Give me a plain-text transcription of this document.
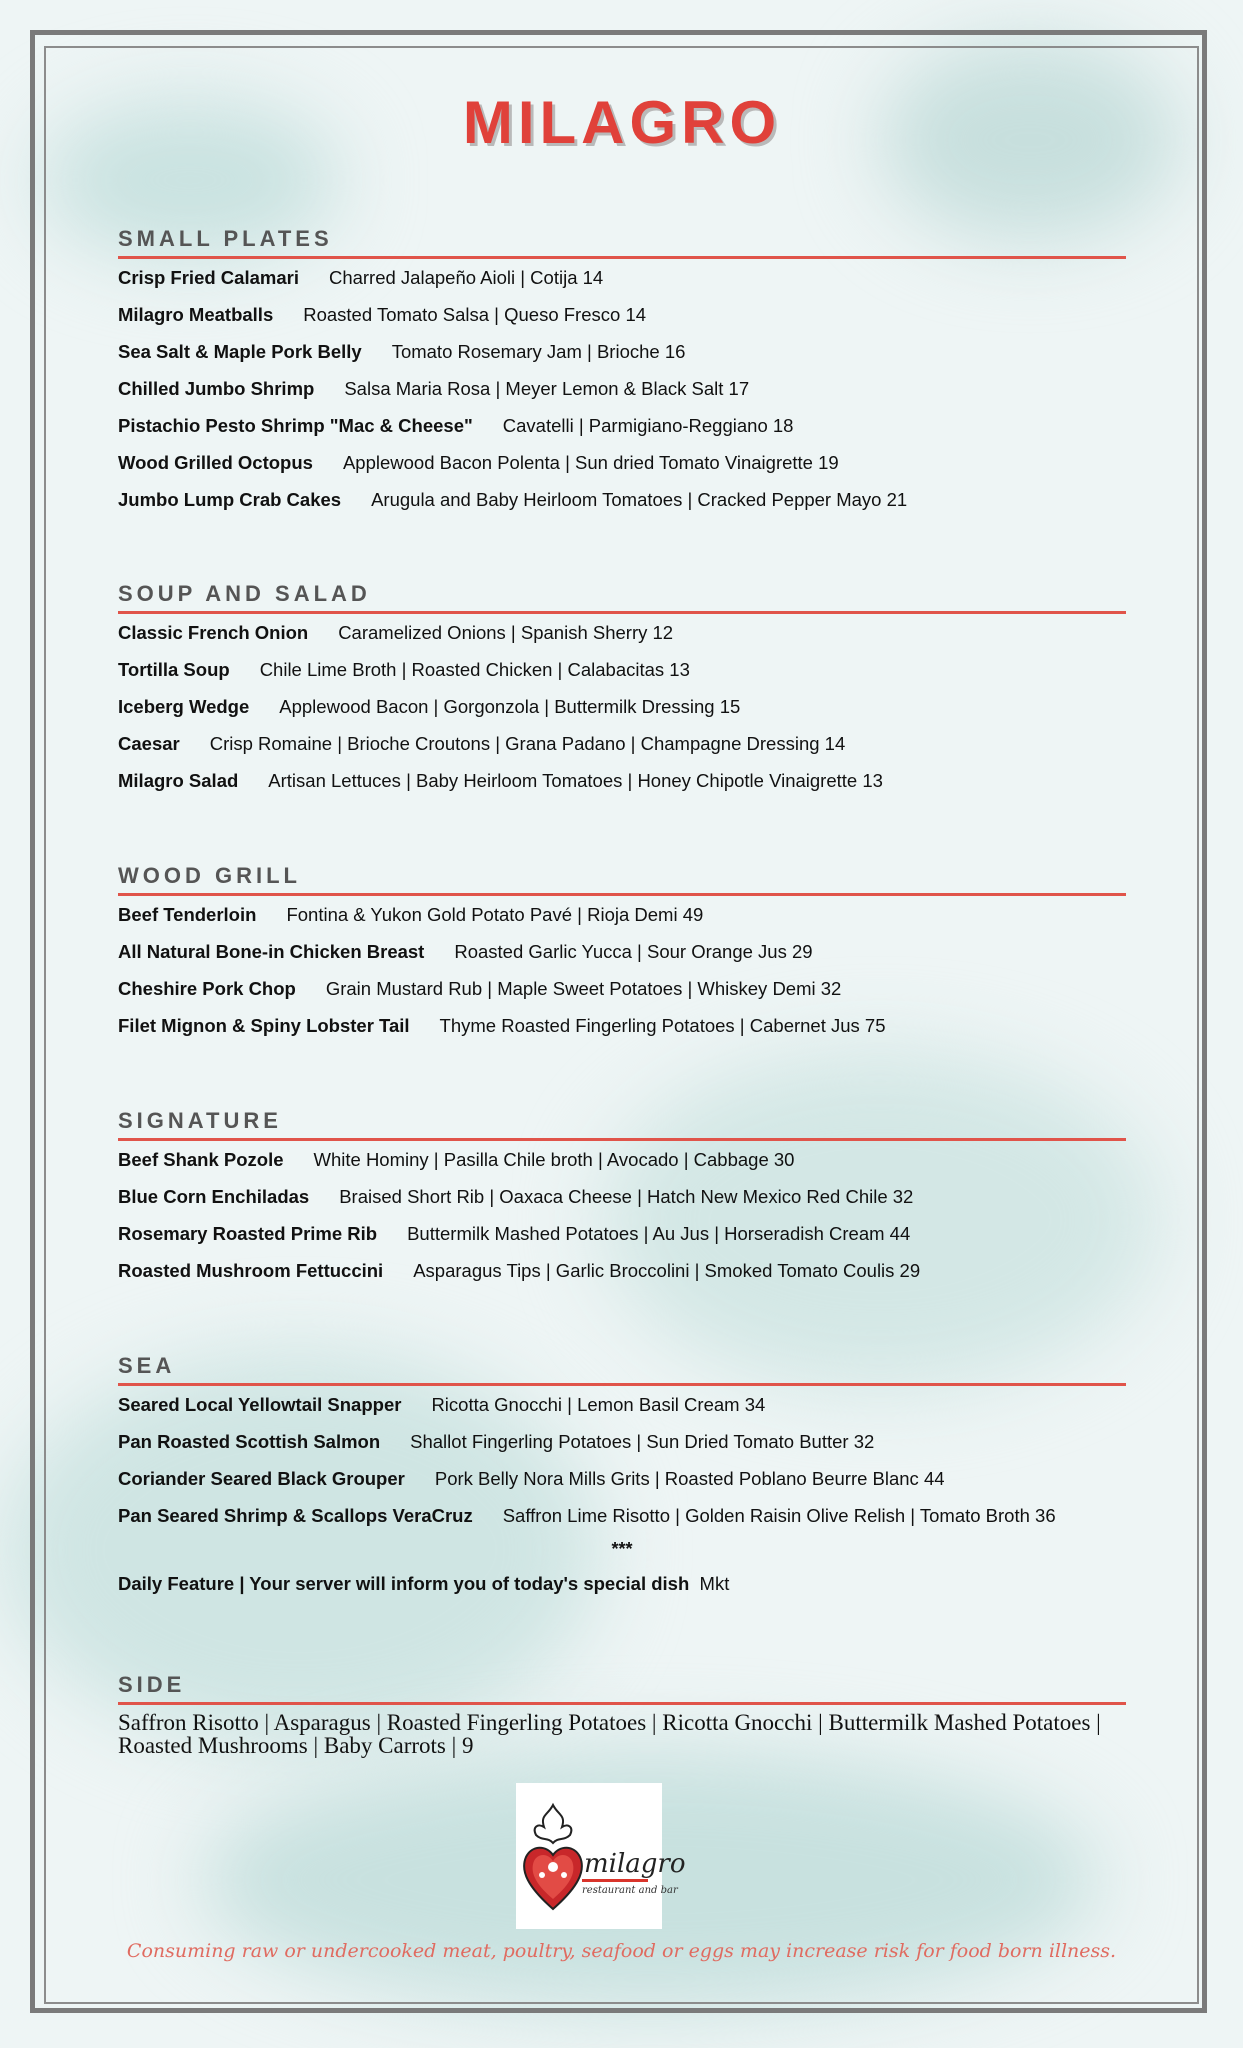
MILAGRO
SMALL PLATES
Crisp Fried Calamari Charred Jalapeño Aioli | Cotija 14
Milagro Meatballs Roasted Tomato Salsa | Queso Fresco 14
Sea Salt & Maple Pork Belly Tomato Rosemary Jam | Brioche 16
Chilled Jumbo Shrimp Salsa Maria Rosa | Meyer Lemon & Black Salt 17
Pistachio Pesto Shrimp "Mac & Cheese" Cavatelli | Parmigiano-Reggiano 18
Wood Grilled Octopus Applewood Bacon Polenta | Sun dried Tomato Vinaigrette 19
Jumbo Lump Crab Cakes Arugula and Baby Heirloom Tomatoes | Cracked Pepper Mayo 21
SOUP AND SALAD
Classic French Onion Caramelized Onions | Spanish Sherry 12
Tortilla Soup Chile Lime Broth | Roasted Chicken | Calabacitas 13
Iceberg Wedge Applewood Bacon | Gorgonzola | Buttermilk Dressing 15
Caesar Crisp Romaine | Brioche Croutons | Grana Padano | Champagne Dressing 14
Milagro Salad Artisan Lettuces | Baby Heirloom Tomatoes | Honey Chipotle Vinaigrette 13
WOOD GRILL
Beef Tenderloin Fontina & Yukon Gold Potato Pavé | Rioja Demi 49
All Natural Bone-in Chicken Breast Roasted Garlic Yucca | Sour Orange Jus 29
Cheshire Pork Chop Grain Mustard Rub | Maple Sweet Potatoes | Whiskey Demi 32
Filet Mignon & Spiny Lobster Tail Thyme Roasted Fingerling Potatoes | Cabernet Jus 75
SIGNATURE
Beef Shank Pozole White Hominy | Pasilla Chile broth | Avocado | Cabbage 30
Blue Corn Enchiladas Braised Short Rib | Oaxaca Cheese | Hatch New Mexico Red Chile 32
Rosemary Roasted Prime Rib Buttermilk Mashed Potatoes | Au Jus | Horseradish Cream 44
Roasted Mushroom Fettuccini Asparagus Tips | Garlic Broccolini | Smoked Tomato Coulis 29
SEA
Seared Local Yellowtail Snapper Ricotta Gnocchi | Lemon Basil Cream 34
Pan Roasted Scottish Salmon Shallot Fingerling Potatoes | Sun Dried Tomato Butter 32
Coriander Seared Black Grouper Pork Belly Nora Mills Grits | Roasted Poblano Beurre Blanc 44
Pan Seared Shrimp & Scallops VeraCruz Saffron Lime Risotto | Golden Raisin Olive Relish | Tomato Broth 36
***
Daily Feature | Your server will inform you of today's special dish Mkt
SIDE
Saffron Risotto | Asparagus | Roasted Fingerling Potatoes | Ricotta Gnocchi | Buttermilk Mashed Potatoes | Roasted Mushrooms | Baby Carrots | 9
milagro
restaurant and bar
Consuming raw or undercooked meat, poultry, seafood or eggs may increase risk for food born illness.
